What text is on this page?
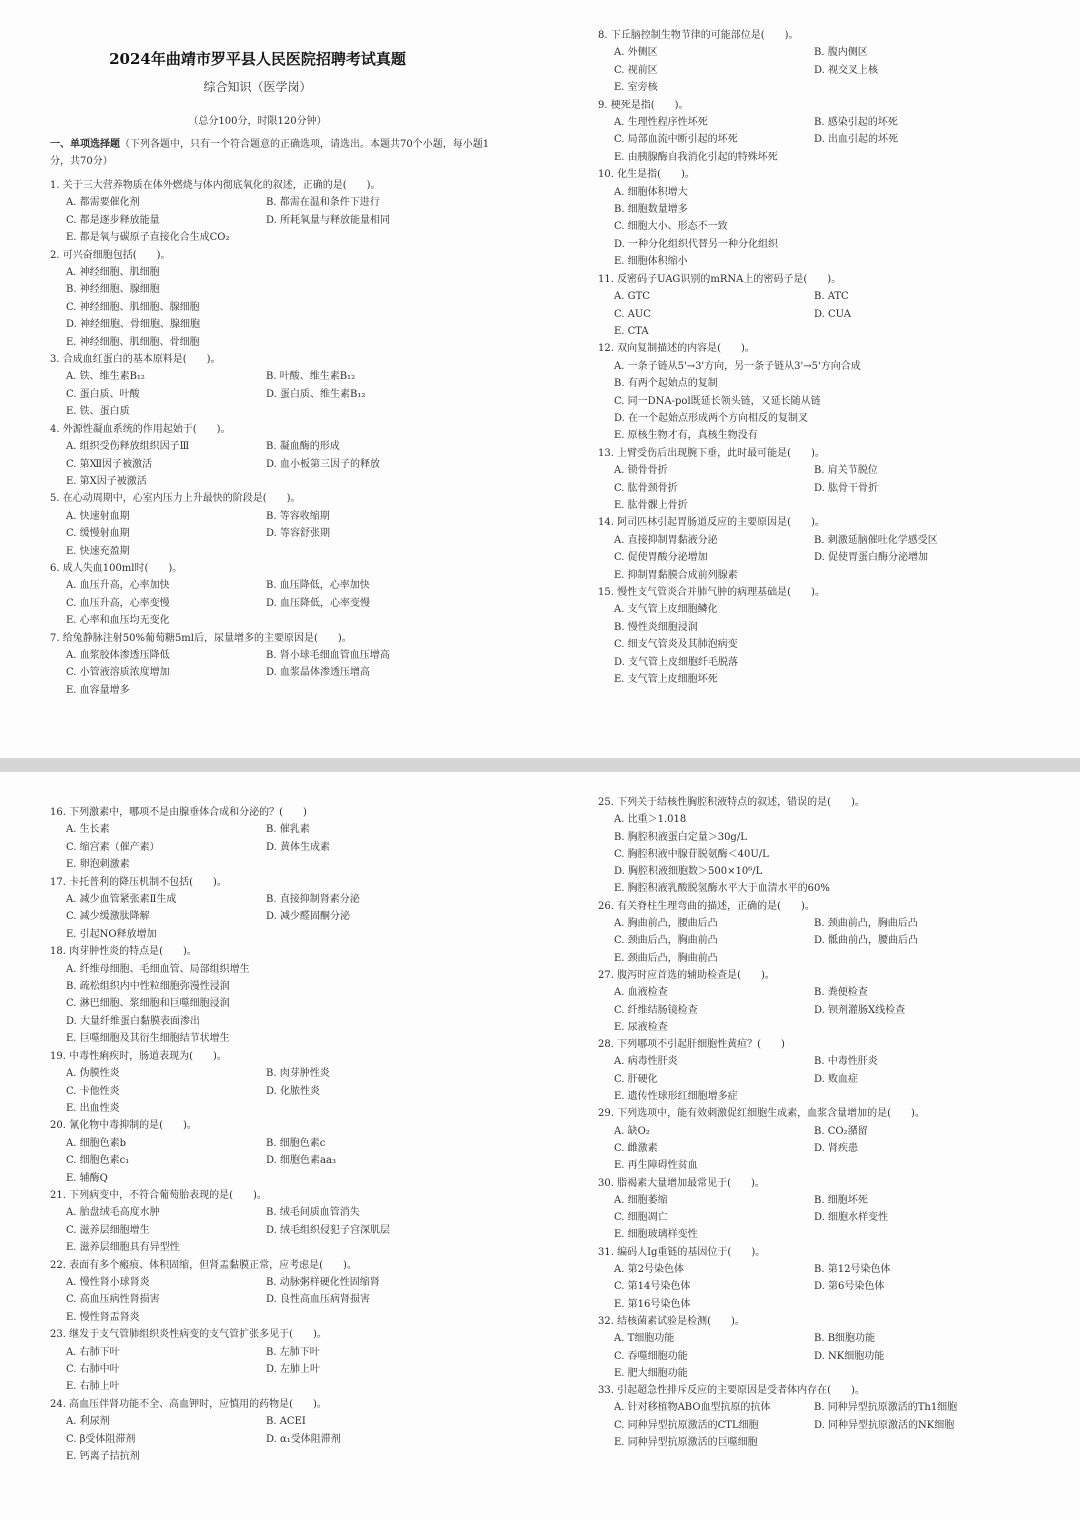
2024年曲靖市罗平县人民医院招聘考试真题
综合知识（医学岗）
（总分100分，时限120分钟）
一、单项选择题（下列各题中，只有一个符合题意的正确选项，请选出。本题共70个小题，每小题1分，共70分）
1. 关于三大营养物质在体外燃烧与体内彻底氧化的叙述，正确的是(　　)。
A. 都需要催化剂	B. 都需在温和条件下进行
C. 都是逐步释放能量	D. 所耗氧量与释放能量相同
E. 都是氧与碳原子直接化合生成CO₂
2. 可兴奋细胞包括(　　)。
A. 神经细胞、肌细胞
B. 神经细胞、腺细胞
C. 神经细胞、肌细胞、腺细胞
D. 神经细胞、骨细胞、腺细胞
E. 神经细胞、肌细胞、骨细胞
3. 合成血红蛋白的基本原料是(　　)。
A. 铁、维生素B₁₂	B. 叶酸、维生素B₁₂
C. 蛋白质、叶酸	D. 蛋白质、维生素B₁₂
E. 铁、蛋白质
4. 外源性凝血系统的作用起始于(　　)。
A. 组织受伤释放组织因子Ⅲ	B. 凝血酶的形成
C. 第Ⅻ因子被激活	D. 血小板第三因子的释放
E. 第X因子被激活
5. 在心动周期中，心室内压力上升最快的阶段是(　　)。
A. 快速射血期	B. 等容收缩期
C. 缓慢射血期	D. 等容舒张期
E. 快速充盈期
6. 成人失血100ml时(　　)。
A. 血压升高，心率加快	B. 血压降低，心率加快
C. 血压升高，心率变慢	D. 血压降低，心率变慢
E. 心率和血压均无变化
7. 给兔静脉注射50%葡萄糖5ml后，尿量增多的主要原因是(　　)。
A. 血浆胶体渗透压降低	B. 肾小球毛细血管血压增高
C. 小管液溶质浓度增加	D. 血浆晶体渗透压增高
E. 血容量增多
8. 下丘脑控制生物节律的可能部位是(　　)。
A. 外侧区	B. 腹内侧区
C. 视前区	D. 视交叉上核
E. 室旁核
9. 梗死是指(　　)。
A. 生理性程序性坏死	B. 感染引起的坏死
C. 局部血流中断引起的坏死	D. 出血引起的坏死
E. 由胰腺酶自我消化引起的特殊坏死
10. 化生是指(　　)。
A. 细胞体积增大
B. 细胞数量增多
C. 细胞大小、形态不一致
D. 一种分化组织代替另一种分化组织
E. 细胞体积缩小
11. 反密码子UAG识别的mRNA上的密码子是(　　)。
A. GTC	B. ATC
C. AUC	D. CUA
E. CTA
12. 双向复制描述的内容是(　　)。
A. 一条子链从5'→3'方向，另一条子链从3'→5'方向合成
B. 有两个起始点的复制
C. 同一DNA-pol既延长领头链，又延长随从链
D. 在一个起始点形成两个方向相反的复制叉
E. 原核生物才有，真核生物没有
13. 上臂受伤后出现腕下垂，此时最可能是(　　)。
A. 锁骨骨折	B. 肩关节脱位
C. 肱骨颈骨折	D. 肱骨干骨折
E. 肱骨髁上骨折
14. 阿司匹林引起胃肠道反应的主要原因是(　　)。
A. 直接抑制胃黏液分泌	B. 刺激延脑催吐化学感受区
C. 促使胃酸分泌增加	D. 促使胃蛋白酶分泌增加
E. 抑制胃黏膜合成前列腺素
15. 慢性支气管炎合并肺气肿的病理基础是(　　)。
A. 支气管上皮细胞鳞化
B. 慢性炎细胞浸润
C. 细支气管炎及其肺泡病变
D. 支气管上皮细胞纤毛脱落
E. 支气管上皮细胞坏死
16. 下列激素中，哪项不是由腺垂体合成和分泌的？(　　)
A. 生长素	B. 催乳素
C. 缩宫素（催产素）	D. 黄体生成素
E. 卵泡刺激素
17. 卡托普利的降压机制不包括(　　)。
A. 减少血管紧张素Ⅱ生成	B. 直接抑制肾素分泌
C. 减少缓激肽降解	D. 减少醛固酮分泌
E. 引起NO释放增加
18. 肉芽肿性炎的特点是(　　)。
A. 纤维母细胞、毛细血管、局部组织增生
B. 疏松组织内中性粒细胞弥漫性浸润
C. 淋巴细胞、浆细胞和巨噬细胞浸润
D. 大量纤维蛋白黏膜表面渗出
E. 巨噬细胞及其衍生细胞结节状增生
19. 中毒性痢疾时，肠道表现为(　　)。
A. 伪膜性炎	B. 肉芽肿性炎
C. 卡他性炎	D. 化脓性炎
E. 出血性炎
20. 氰化物中毒抑制的是(　　)。
A. 细胞色素b	B. 细胞色素c
C. 细胞色素c₁	D. 细胞色素aa₃
E. 辅酶Q
21. 下列病变中，不符合葡萄胎表现的是(　　)。
A. 胎盘绒毛高度水肿	B. 绒毛间质血管消失
C. 滋养层细胞增生	D. 绒毛组织侵犯子宫深肌层
E. 滋养层细胞具有异型性
22. 表面有多个瘢痕、体积固缩，但肾盂黏膜正常，应考虑是(　　)。
A. 慢性肾小球肾炎	B. 动脉粥样硬化性固缩肾
C. 高血压病性肾损害	D. 良性高血压病肾损害
E. 慢性肾盂肾炎
23. 继发于支气管肺组织炎性病变的支气管扩张多见于(　　)。
A. 右肺下叶	B. 左肺下叶
C. 右肺中叶	D. 左肺上叶
E. 右肺上叶
24. 高血压伴肾功能不全、高血钾时，应慎用的药物是(　　)。
A. 利尿剂	B. ACEI
C. β受体阻滞剂	D. α₁受体阻滞剂
E. 钙离子拮抗剂
25. 下列关于结核性胸腔积液特点的叙述，错误的是(　　)。
A. 比重＞1.018
B. 胸腔积液蛋白定量＞30g/L
C. 胸腔积液中腺苷脱氨酶＜40U/L
D. 胸腔积液细胞数＞500×10⁶/L
E. 胸腔积液乳酸脱氢酶水平大于血清水平的60%
26. 有关脊柱生理弯曲的描述，正确的是(　　)。
A. 胸曲前凸，腰曲后凸	B. 颈曲前凸，胸曲后凸
C. 颈曲后凸，胸曲前凸	D. 骶曲前凸，腰曲后凸
E. 颈曲后凸，胸曲前凸
27. 腹泻时应首选的辅助检查是(　　)。
A. 血液检查	B. 粪便检查
C. 纤维结肠镜检查	D. 钡剂灌肠X线检查
E. 尿液检查
28. 下列哪项不引起肝细胞性黄疸？(　　)
A. 病毒性肝炎	B. 中毒性肝炎
C. 肝硬化	D. 败血症
E. 遗传性球形红细胞增多症
29. 下列选项中，能有效刺激促红细胞生成素，血浆含量增加的是(　　)。
A. 缺O₂	B. CO₂潴留
C. 雌激素	D. 肾疾患
E. 再生障碍性贫血
30. 脂褐素大量增加最常见于(　　)。
A. 细胞萎缩	B. 细胞坏死
C. 细胞凋亡	D. 细胞水样变性
E. 细胞玻璃样变性
31. 编码人Ig重链的基因位于(　　)。
A. 第2号染色体	B. 第12号染色体
C. 第14号染色体	D. 第6号染色体
E. 第16号染色体
32. 结核菌素试验是检测(　　)。
A. T细胞功能	B. B细胞功能
C. 吞噬细胞功能	D. NK细胞功能
E. 肥大细胞功能
33. 引起超急性排斥反应的主要原因是受者体内存在(　　)。
A. 针对移植物ABO血型抗原的抗体	B. 同种异型抗原激活的Th1细胞
C. 同种异型抗原激活的CTL细胞	D. 同种异型抗原激活的NK细胞
E. 同种异型抗原激活的巨噬细胞
